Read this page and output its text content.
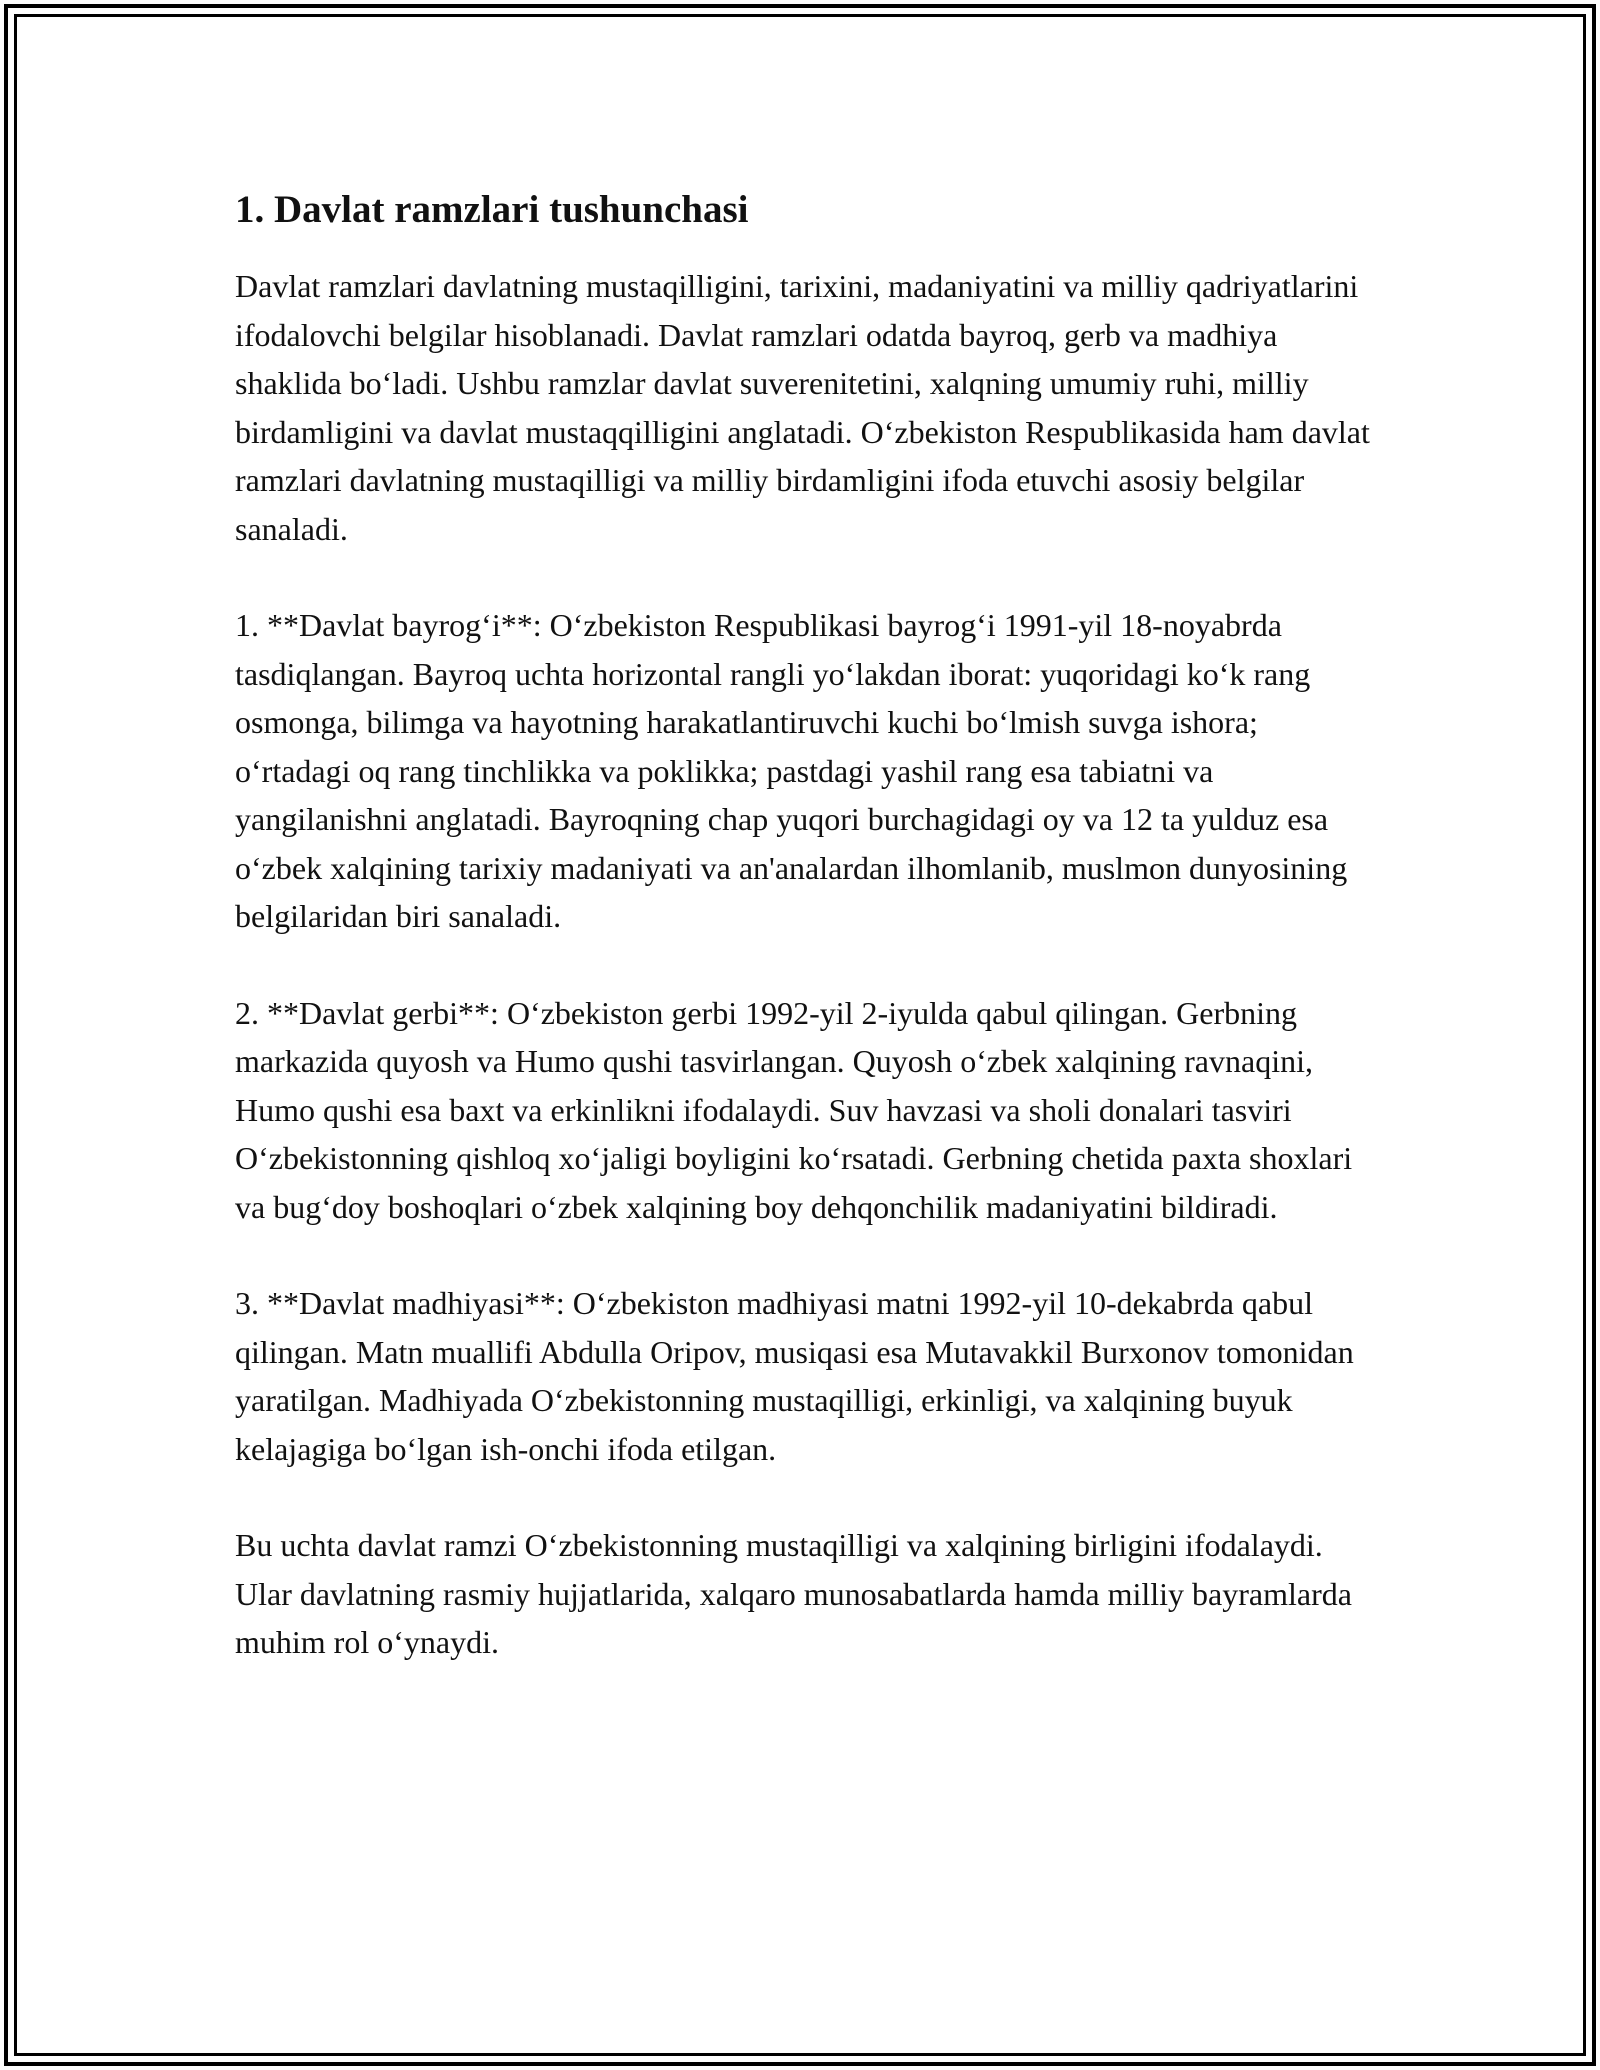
1. Davlat ramzlari tushunchasi

Davlat ramzlari davlatning mustaqilligini, tarixini, madaniyatini va milliy qadriyatlarini ifodalovchi belgilar hisoblanadi. Davlat ramzlari odatda bayroq, gerb va madhiya shaklida bo‘ladi. Ushbu ramzlar davlat suverenitetini, xalqning umumiy ruhi, milliy birdamligini va davlat mustaqqilligini anglatadi. O‘zbekiston Respublikasida ham davlat ramzlari davlatning mustaqilligi va milliy birdamligini ifoda etuvchi asosiy belgilar sanaladi.

1. **Davlat bayrog‘i**: O‘zbekiston Respublikasi bayrog‘i 1991-yil 18-noyabrda tasdiqlangan. Bayroq uchta horizontal rangli yo‘lakdan iborat: yuqoridagi ko‘k rang osmonga, bilimga va hayotning harakatlantiruvchi kuchi bo‘lmish suvga ishora; o‘rtadagi oq rang tinchlikka va poklikka; pastdagi yashil rang esa tabiatni va yangilanishni anglatadi. Bayroqning chap yuqori burchagidagi oy va 12 ta yulduz esa o‘zbek xalqining tarixiy madaniyati va an'analardan ilhomlanib, muslmon dunyosining belgilaridan biri sanaladi.

2. **Davlat gerbi**: O‘zbekiston gerbi 1992-yil 2-iyulda qabul qilingan. Gerbning markazida quyosh va Humo qushi tasvirlangan. Quyosh o‘zbek xalqining ravnaqini, Humo qushi esa baxt va erkinlikni ifodalaydi. Suv havzasi va sholi donalari tasviri O‘zbekistonning qishloq xo‘jaligi boyligini ko‘rsatadi. Gerbning chetida paxta shoxlari va bug‘doy boshoqlari o‘zbek xalqining boy dehqonchilik madaniyatini bildiradi.

3. **Davlat madhiyasi**: O‘zbekiston madhiyasi matni 1992-yil 10-dekabrda qabul qilingan. Matn muallifi Abdulla Oripov, musiqasi esa Mutavakkil Burxonov tomonidan yaratilgan. Madhiyada O‘zbekistonning mustaqilligi, erkinligi, va xalqining buyuk kelajagiga bo‘lgan ish-onchi ifoda etilgan.

Bu uchta davlat ramzi O‘zbekistonning mustaqilligi va xalqining birligini ifodalaydi. Ular davlatning rasmiy hujjatlarida, xalqaro munosabatlarda hamda milliy bayramlarda muhim rol o‘ynaydi.
